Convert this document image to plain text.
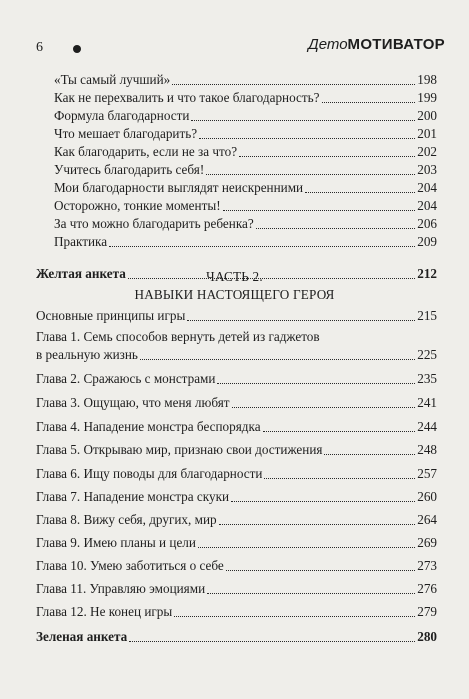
6	ДетоМОТИВАТОР
«Ты самый лучший»	198
Как не перехвалить и что такое благодарность?	199
Формула благодарности	200
Что мешает благодарить?	201
Как благодарить, если не за что?	202
Учитесь благодарить себя!	203
Мои благодарности выглядят неискренними	204
Осторожно, тонкие моменты!	204
За что можно благодарить ребенка?	206
Практика	209
Желтая анкета	212
ЧАСТЬ 2.
НАВЫКИ НАСТОЯЩЕГО ГЕРОЯ
Основные принципы игры	215
Глава 1. Семь способов вернуть детей из гаджетов
в реальную жизнь	225
Глава 2. Сражаюсь с монстрами	235
Глава 3. Ощущаю, что меня любят	241
Глава 4. Нападение монстра беспорядка	244
Глава 5. Открываю мир, признаю свои достижения	248
Глава 6. Ищу поводы для благодарности	257
Глава 7. Нападение монстра скуки	260
Глава 8. Вижу себя, других, мир	264
Глава 9. Имею планы и цели	269
Глава 10. Умею заботиться о себе	273
Глава 11. Управляю эмоциями	276
Глава 12. Не конец игры	279
Зеленая анкета	280
